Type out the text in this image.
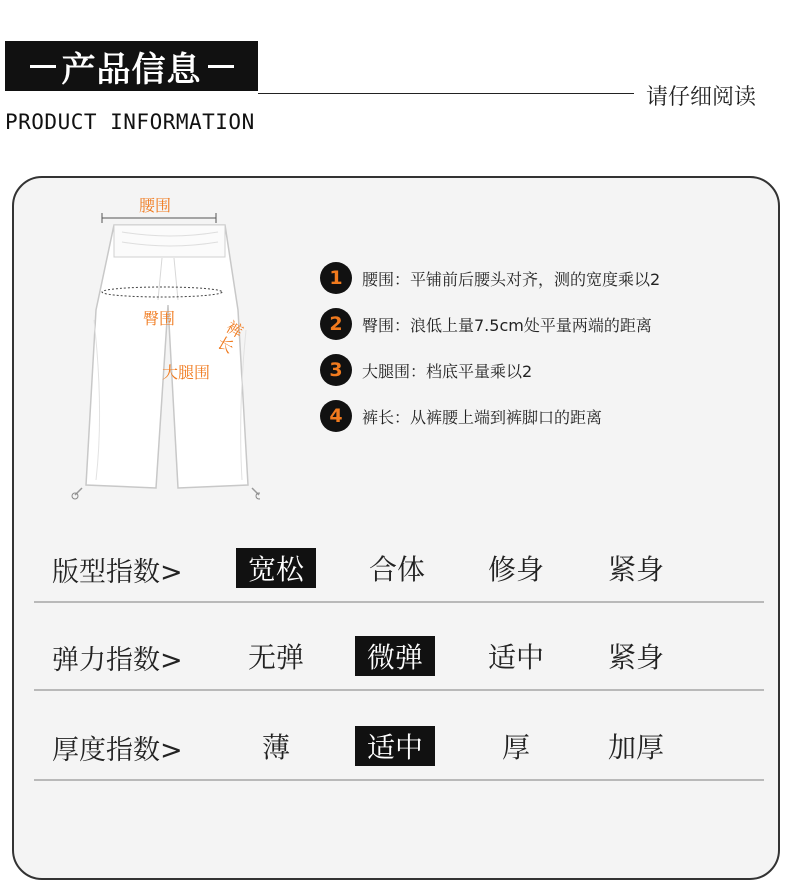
产品信息
请仔细阅读
PRODUCT INFORMATION
腰围
臀围
大腿围
裤长
1 腰围：平铺前后腰头对齐，测的宽度乘以2
2 臀围：浪低上量7.5cm处平量两端的距离
3 大腿围：档底平量乘以2
4 裤长：从裤腰上端到裤脚口的距离
版型指数>	宽松	合体 修身 紧身
弹力指数> 无弹	微弹	适中 紧身
厚度指数>	薄	适中	厚	加厚
